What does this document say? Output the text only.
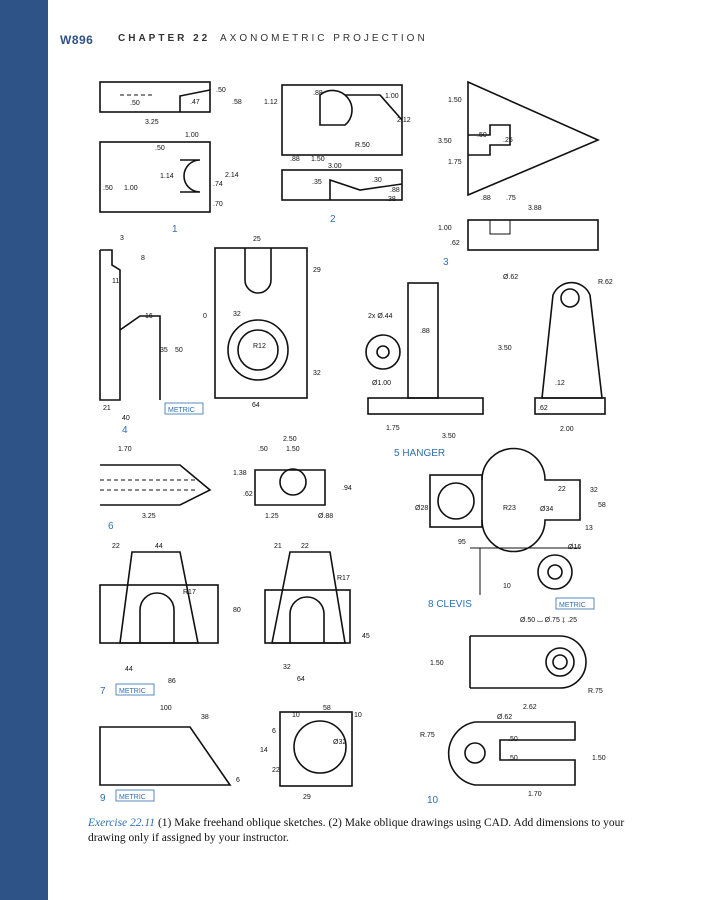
W896 CHAPTER 22 AXONOMETRIC PROJECTION
.50	.47
3.25
1.00
.50
1.14	2.14
.50 1.00
.74
.70
.58
.50
1
.88
1.12
1.00
2.12
R.50
.88 1.50
3.00
.35	.30
.88
.38
2
1.50
3.50
.50
.25
1.75
.88 .75
3.88
1.00
.62
3
3
8
11
25
29
16	32
R12
35 50
0
32
21
40
64
METRIC
4
Ø.62
R.62
2x Ø.44
.88
3.50
Ø1.00
1.75
3.50
.12
.62
2.00
5 HANGER
1.70
2.50
.50	1.50
1.38
.62
.94
3.25	1.25	Ø.88
6
22	44
R17
80
44
86
21	22
R17
45
32
64
7 METRIC
Ø28	R23	Ø34
22	32
58
13
95
Ø16
10
8 CLEVIS	METRIC
100
38
58
10	10
Ø32
14
6
22
6
29
9 METRIC
Ø.50 ⌴ Ø.75 ↧ .25
1.50
R.75
2.62
Ø.62
R.75
.50
.50	1.50
1.70
10
Exercise 22.11 (1) Make freehand oblique sketches. (2) Make oblique drawings using CAD. Add dimensions to your drawing only if assigned by your instructor.
